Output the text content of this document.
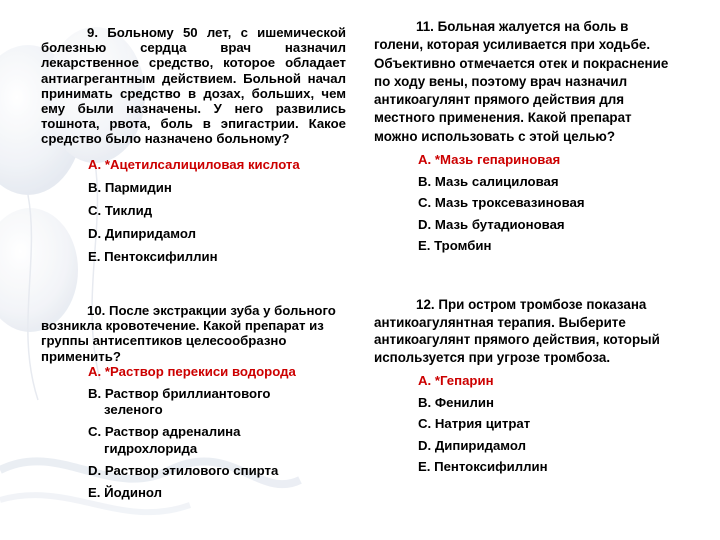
9. Больному 50 лет, с ишемической болезнью сердца врач назначил лекарственное средство, которое обладает антиагрегантным действием. Больной начал принимать средство в дозах, больших, чем ему были назначены. У него развились тошнота, рвота, боль в эпигастрии. Какое средство было назначено больному?
A. *Ацетилсалициловая кислота
B. Пармидин
C. Тиклид
D. Дипиридамол
E. Пентоксифиллин
10. После экстракции зуба у больного возникла кровотечение. Какой препарат из группы антисептиков целесообразно применить?
A. *Раствор перекиси водорода
B. Раствор бриллиантового
зеленого
C. Раствор адреналина
гидрохлорида
D. Раствор этилового спирта
E. Йодинол
11. Больная жалуется на боль в голени, которая усиливается при ходьбе. Объективно отмечается отек и покраснение по ходу вены, поэтому врач назначил антикоагулянт прямого действия для местного применения. Какой препарат можно использовать с этой целью?
A. *Мазь гепариновая
B. Мазь салициловая
C. Мазь троксевазиновая
D. Мазь бутадионовая
E. Тромбин
12. При остром тромбозе показана антикоагулянтная терапия. Выберите антикоагулянт прямого действия, который используется при угрозе тромбоза.
A. *Гепарин
B. Фенилин
C. Натрия цитрат
D. Дипиридамол
E. Пентоксифиллин
